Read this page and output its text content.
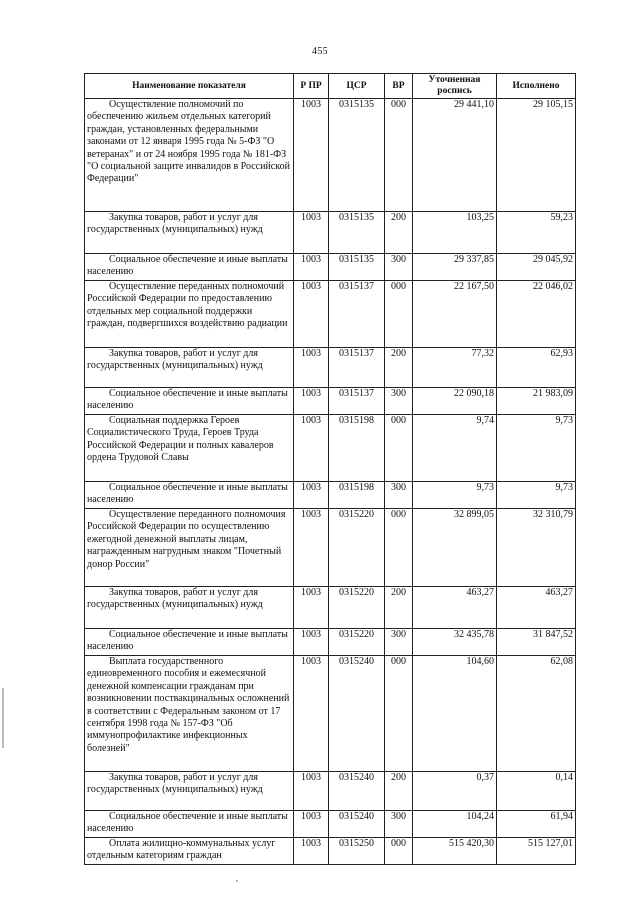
455
Наименование показателя	Р ПР	ЦСР	ВР	Уточненная роспись	Исполнено
Осуществление полномочий по обеспечению жильем отдельных категорий граждан, установленных федеральными законами от 12 января 1995 года № 5-ФЗ "О ветеранах" и от 24 ноября 1995 года № 181-ФЗ "О социальной защите инвалидов в Российской Федерации"	1003	0315135	000	29 441,10	29 105,15
Закупка товаров, работ и услуг для государственных (муниципальных) нужд	1003	0315135	200	103,25	59,23
Социальное обеспечение и иные выплаты населению	1003	0315135	300	29 337,85	29 045,92
Осуществление переданных полномочий Российской Федерации по предоставлению отдельных мер социальной поддержки граждан, подвергшихся воздействию радиации	1003	0315137	000	22 167,50	22 046,02
Закупка товаров, работ и услуг для государственных (муниципальных) нужд	1003	0315137	200	77,32	62,93
Социальное обеспечение и иные выплаты населению	1003	0315137	300	22 090,18	21 983,09
Социальная поддержка Героев Социалистического Труда, Героев Труда Российской Федерации и полных кавалеров ордена Трудовой Славы	1003	0315198	000	9,74	9,73
Социальное обеспечение и иные выплаты населению	1003	0315198	300	9,73	9,73
Осуществление переданного полномочия Российской Федерации по осуществлению ежегодной денежной выплаты лицам, награжденным нагрудным знаком "Почетный донор России"	1003	0315220	000	32 899,05	32 310,79
Закупка товаров, работ и услуг для государственных (муниципальных) нужд	1003	0315220	200	463,27	463,27
Социальное обеспечение и иные выплаты населению	1003	0315220	300	32 435,78	31 847,52
Выплата государственного единовременного пособия и ежемесячной денежной компенсации гражданам при возникновении поствакцинальных осложнений в соответствии с Федеральным законом от 17 сентября 1998 года № 157-ФЗ "Об иммунопрофилактике инфекционных болезней"	1003	0315240	000	104,60	62,08
Закупка товаров, работ и услуг для государственных (муниципальных) нужд	1003	0315240	200	0,37	0,14
Социальное обеспечение и иные выплаты населению	1003	0315240	300	104,24	61,94
Оплата жилищно-коммунальных услуг отдельным категориям граждан	1003	0315250	000	515 420,30	515 127,01
